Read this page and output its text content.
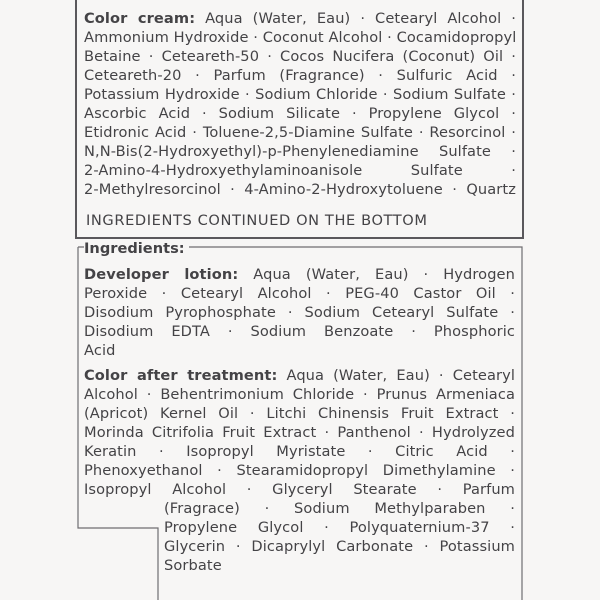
Color cream: Aqua (Water, Eau) · Cetearyl Alcohol ·
Ammonium Hydroxide · Coconut Alcohol · Cocamidopropyl
Betaine · Ceteareth-50 · Cocos Nucifera (Coconut) Oil ·
Ceteareth-20 · Parfum (Fragrance) · Sulfuric Acid ·
Potassium Hydroxide · Sodium Chloride · Sodium Sulfate ·
Ascorbic Acid · Sodium Silicate · Propylene Glycol ·
Etidronic Acid · Toluene-2,5-Diamine Sulfate · Resorcinol ·
N,N-Bis(2-Hydroxyethyl)-p-Phenylenediamine Sulfate ·
2-Amino-4-Hydroxyethylaminoanisole Sulfate ·
2-Methylresorcinol · 4-Amino-2-Hydroxytoluene · Quartz
INGREDIENTS CONTINUED ON THE BOTTOM
Ingredients:
Developer lotion: Aqua (Water, Eau) · Hydrogen
Peroxide · Cetearyl Alcohol · PEG-40 Castor Oil ·
Disodium Pyrophosphate · Sodium Cetearyl Sulfate ·
Disodium EDTA · Sodium Benzoate · Phosphoric
Acid
Color after treatment: Aqua (Water, Eau) · Cetearyl
Alcohol · Behentrimonium Chloride · Prunus Armeniaca
(Apricot) Kernel Oil · Litchi Chinensis Fruit Extract ·
Morinda Citrifolia Fruit Extract · Panthenol · Hydrolyzed
Keratin · Isopropyl Myristate · Citric Acid ·
Phenoxyethanol · Stearamidopropyl Dimethylamine ·
Isopropyl Alcohol · Glyceryl Stearate · Parfum
(Fragrace) · Sodium Methylparaben ·
Propylene Glycol · Polyquaternium-37 ·
Glycerin · Dicaprylyl Carbonate · Potassium
Sorbate
